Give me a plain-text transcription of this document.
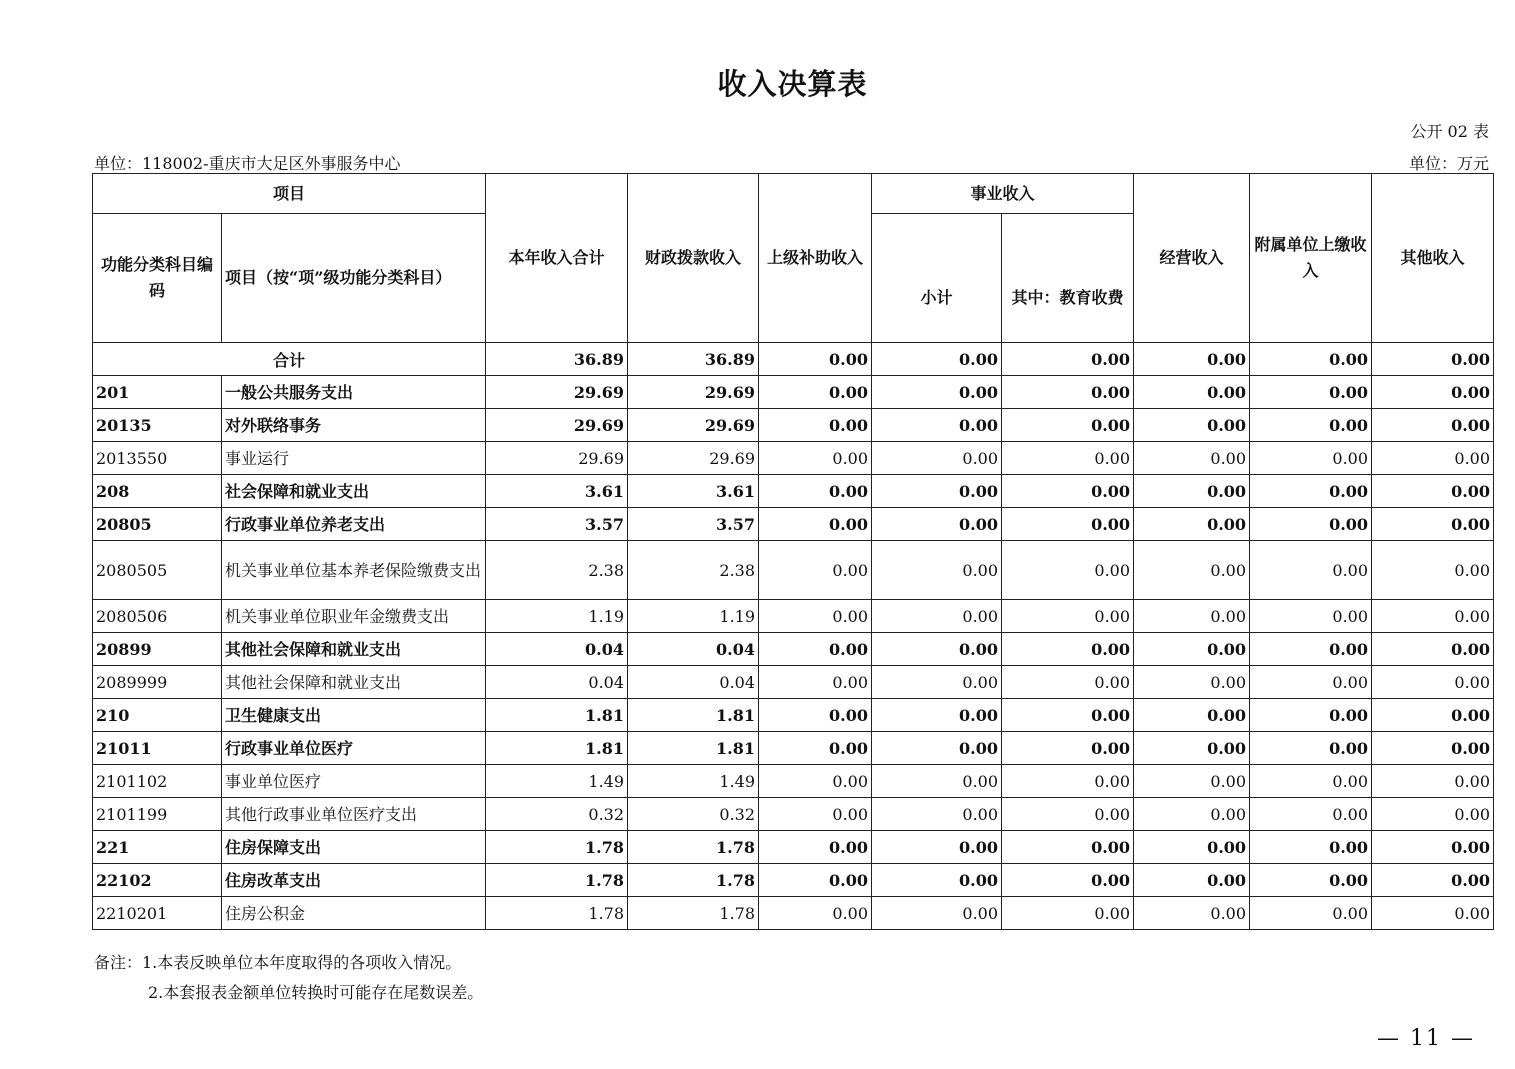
收入决算表
公开 02 表
单位：118002-重庆市大足区外事服务中心	单位：万元
项目		本年收入合计	财政拨款收入	上级补助收入	事业收入		经营收入	附属单位上缴收入	其他收入
功能分类科目编码	项目（按“项”级功能分类科目）				小计	其中：教育收费			
合计		36.89	36.89	0.00	0.00	0.00	0.00	0.00	0.00
201	一般公共服务支出	29.69	29.69	0.00	0.00	0.00	0.00	0.00	0.00
20135	对外联络事务	29.69	29.69	0.00	0.00	0.00	0.00	0.00	0.00
2013550	事业运行	29.69	29.69	0.00	0.00	0.00	0.00	0.00	0.00
208	社会保障和就业支出	3.61	3.61	0.00	0.00	0.00	0.00	0.00	0.00
20805	行政事业单位养老支出	3.57	3.57	0.00	0.00	0.00	0.00	0.00	0.00
2080505	机关事业单位基本养老保险缴费支出	2.38	2.38	0.00	0.00	0.00	0.00	0.00	0.00
2080506	机关事业单位职业年金缴费支出	1.19	1.19	0.00	0.00	0.00	0.00	0.00	0.00
20899	其他社会保障和就业支出	0.04	0.04	0.00	0.00	0.00	0.00	0.00	0.00
2089999	其他社会保障和就业支出	0.04	0.04	0.00	0.00	0.00	0.00	0.00	0.00
210	卫生健康支出	1.81	1.81	0.00	0.00	0.00	0.00	0.00	0.00
21011	行政事业单位医疗	1.81	1.81	0.00	0.00	0.00	0.00	0.00	0.00
2101102	事业单位医疗	1.49	1.49	0.00	0.00	0.00	0.00	0.00	0.00
2101199	其他行政事业单位医疗支出	0.32	0.32	0.00	0.00	0.00	0.00	0.00	0.00
221	住房保障支出	1.78	1.78	0.00	0.00	0.00	0.00	0.00	0.00
22102	住房改革支出	1.78	1.78	0.00	0.00	0.00	0.00	0.00	0.00
2210201	住房公积金	1.78	1.78	0.00	0.00	0.00	0.00	0.00	0.00
备注：1.本表反映单位本年度取得的各项收入情况。
2.本套报表金额单位转换时可能存在尾数误差。
— 11 —
